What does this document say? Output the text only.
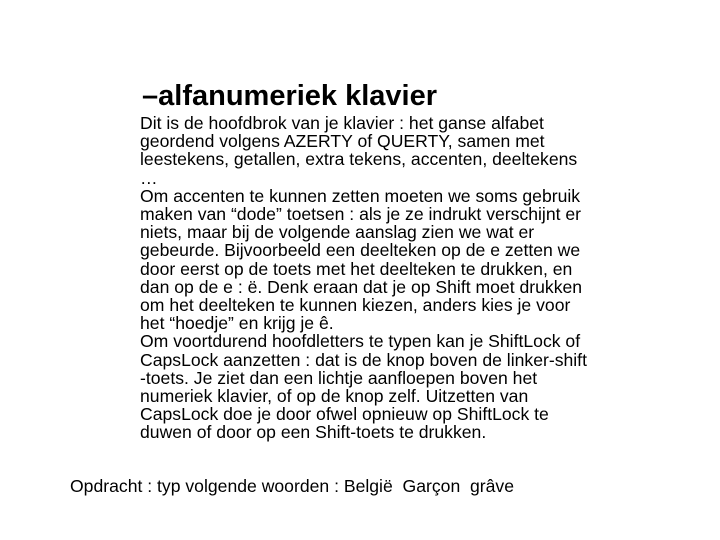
–alfanumeriek klavier

Dit is de hoofdbrok van je klavier : het ganse alfabet
geordend volgens AZERTY of QUERTY, samen met
leestekens, getallen, extra tekens, accenten, deeltekens
…

Om accenten te kunnen zetten moeten we soms gebruik
maken van “dode” toetsen : als je ze indrukt verschijnt er
niets, maar bij de volgende aanslag zien we wat er
gebeurde. Bijvoorbeeld een deelteken op de e zetten we
door eerst op de toets met het deelteken te drukken, en
dan op de e : ë. Denk eraan dat je op Shift moet drukken
om het deelteken te kunnen kiezen, anders kies je voor
het “hoedje” en krijg je ê.

Om voortdurend hoofdletters te typen kan je ShiftLock of
CapsLock aanzetten : dat is de knop boven de linker-shift
-toets. Je ziet dan een lichtje aanfloepen boven het
numeriek klavier, of op de knop zelf. Uitzetten van
CapsLock doe je door ofwel opnieuw op ShiftLock te
duwen of door op een Shift-toets te drukken.

Opdracht : typ volgende woorden : België  Garçon  grâve
